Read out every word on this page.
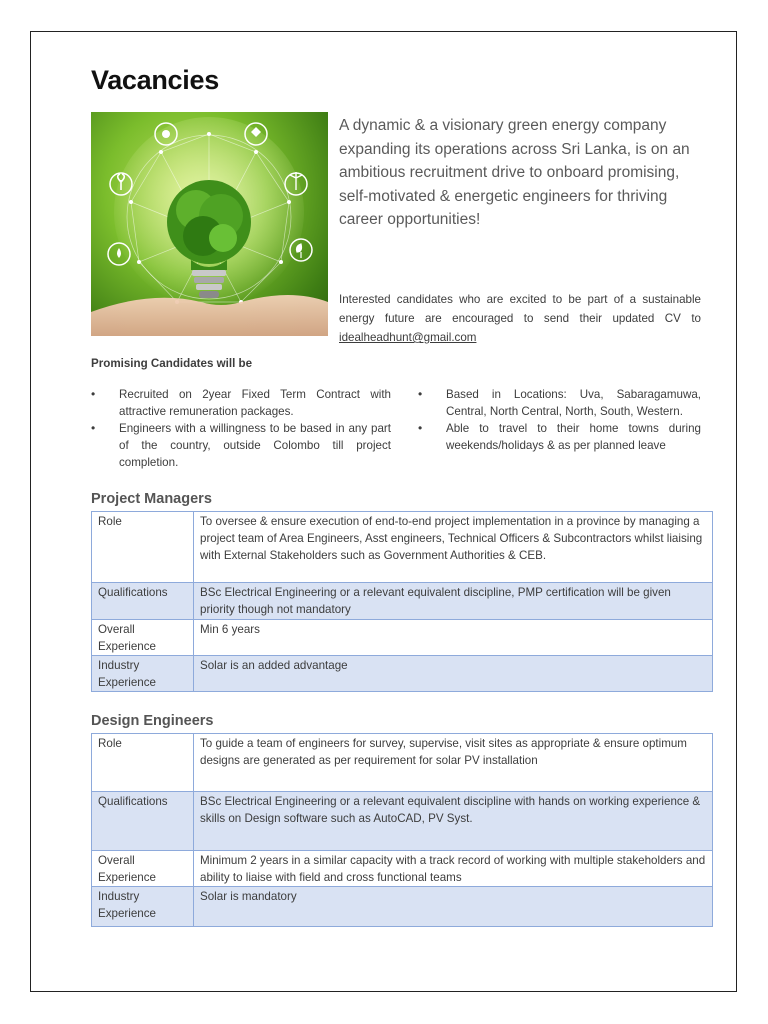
Vacancies

A dynamic & a visionary green energy company expanding its operations across Sri Lanka, is on an ambitious recruitment drive to onboard promising, self-motivated & energetic engineers for thriving career opportunities!

Interested candidates who are excited to be part of a sustainable energy future are encouraged to send their updated CV to idealheadhunt@gmail.com

Promising Candidates will be

• Recruited on 2year Fixed Term Contract with attractive remuneration packages.
• Engineers with a willingness to be based in any part of the country, outside Colombo till project completion.
• Based in Locations: Uva, Sabaragamuwa, Central, North Central, North, South, Western.
• Able to travel to their home towns during weekends/holidays & as per planned leave
Project Managers
Role	To oversee & ensure execution of end-to-end project implementation in a province by managing a project team of Area Engineers, Asst engineers, Technical Officers & Subcontractors whilst liaising with External Stakeholders such as Government Authorities & CEB.
Qualifications	BSc Electrical Engineering or a relevant equivalent discipline, PMP certification will be given priority though not mandatory
Overall Experience	Min 6 years
Industry Experience	Solar is an added advantage
Design Engineers
Role	To guide a team of engineers for survey, supervise, visit sites as appropriate & ensure optimum designs are generated as per requirement for solar PV installation
Qualifications	BSc Electrical Engineering or a relevant equivalent discipline with hands on working experience & skills on Design software such as AutoCAD, PV Syst.
Overall Experience	Minimum 2 years in a similar capacity with a track record of working with multiple stakeholders and ability to liaise with field and cross functional teams
Industry Experience	Solar is mandatory
